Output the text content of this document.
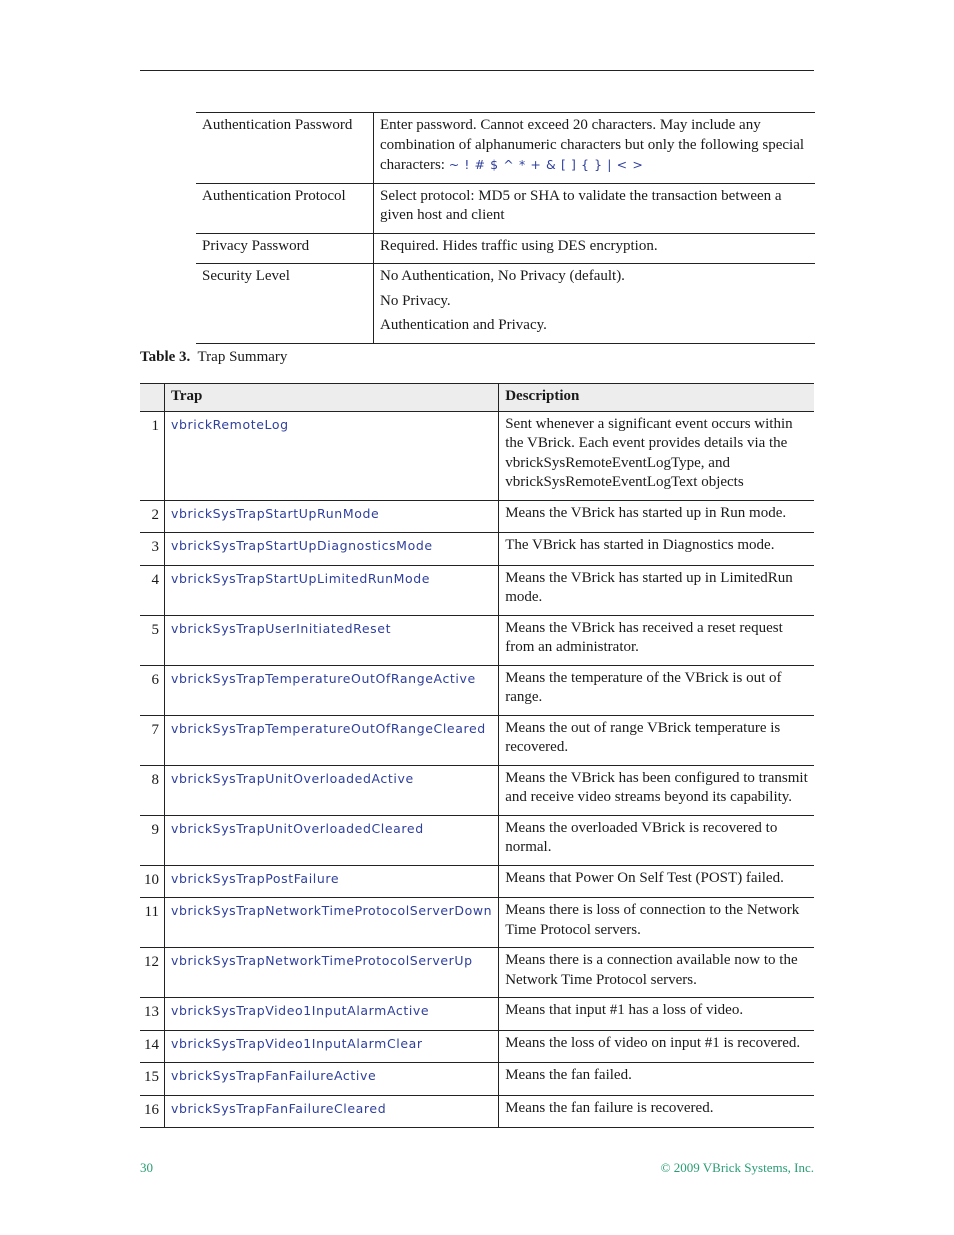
Authentication Password	Enter password. Cannot exceed 20 characters. May include any combination of alphanumeric characters but only the following special characters: ~ ! # $ ^ * + & [ ] { } | < >

Authentication Protocol	Select protocol: MD5 or SHA to validate the transaction between a given host and client

Privacy Password	Required. Hides traffic using DES encryption.

Security Level	No Authentication, No Privacy (default).
No Privacy.
Authentication and Privacy.
Table 3. Trap Summary
	Trap	Description
1	vbrickRemoteLog	Sent whenever a significant event occurs within the VBrick. Each event provides details via the vbrickSysRemoteEventLogType, and vbrickSysRemoteEventLogText objects
2	vbrickSysTrapStartUpRunMode	Means the VBrick has started up in Run mode.
3	vbrickSysTrapStartUpDiagnosticsMode	The VBrick has started in Diagnostics mode.
4	vbrickSysTrapStartUpLimitedRunMode	Means the VBrick has started up in LimitedRun mode.
5	vbrickSysTrapUserInitiatedReset	Means the VBrick has received a reset request from an administrator.
6	vbrickSysTrapTemperatureOutOfRangeActive	Means the temperature of the VBrick is out of range.
7	vbrickSysTrapTemperatureOutOfRangeCleared	Means the out of range VBrick temperature is recovered.
8	vbrickSysTrapUnitOverloadedActive	Means the VBrick has been configured to transmit and receive video streams beyond its capability.
9	vbrickSysTrapUnitOverloadedCleared	Means the overloaded VBrick is recovered to normal.
10	vbrickSysTrapPostFailure	Means that Power On Self Test (POST) failed.
11	vbrickSysTrapNetworkTimeProtocolServerDown	Means there is loss of connection to the Network Time Protocol servers.
12	vbrickSysTrapNetworkTimeProtocolServerUp	Means there is a connection available now to the Network Time Protocol servers.
13	vbrickSysTrapVideo1InputAlarmActive	Means that input #1 has a loss of video.
14	vbrickSysTrapVideo1InputAlarmClear	Means the loss of video on input #1 is recovered.
15	vbrickSysTrapFanFailureActive	Means the fan failed.
16	vbrickSysTrapFanFailureCleared	Means the fan failure is recovered.
30	© 2009 VBrick Systems, Inc.
